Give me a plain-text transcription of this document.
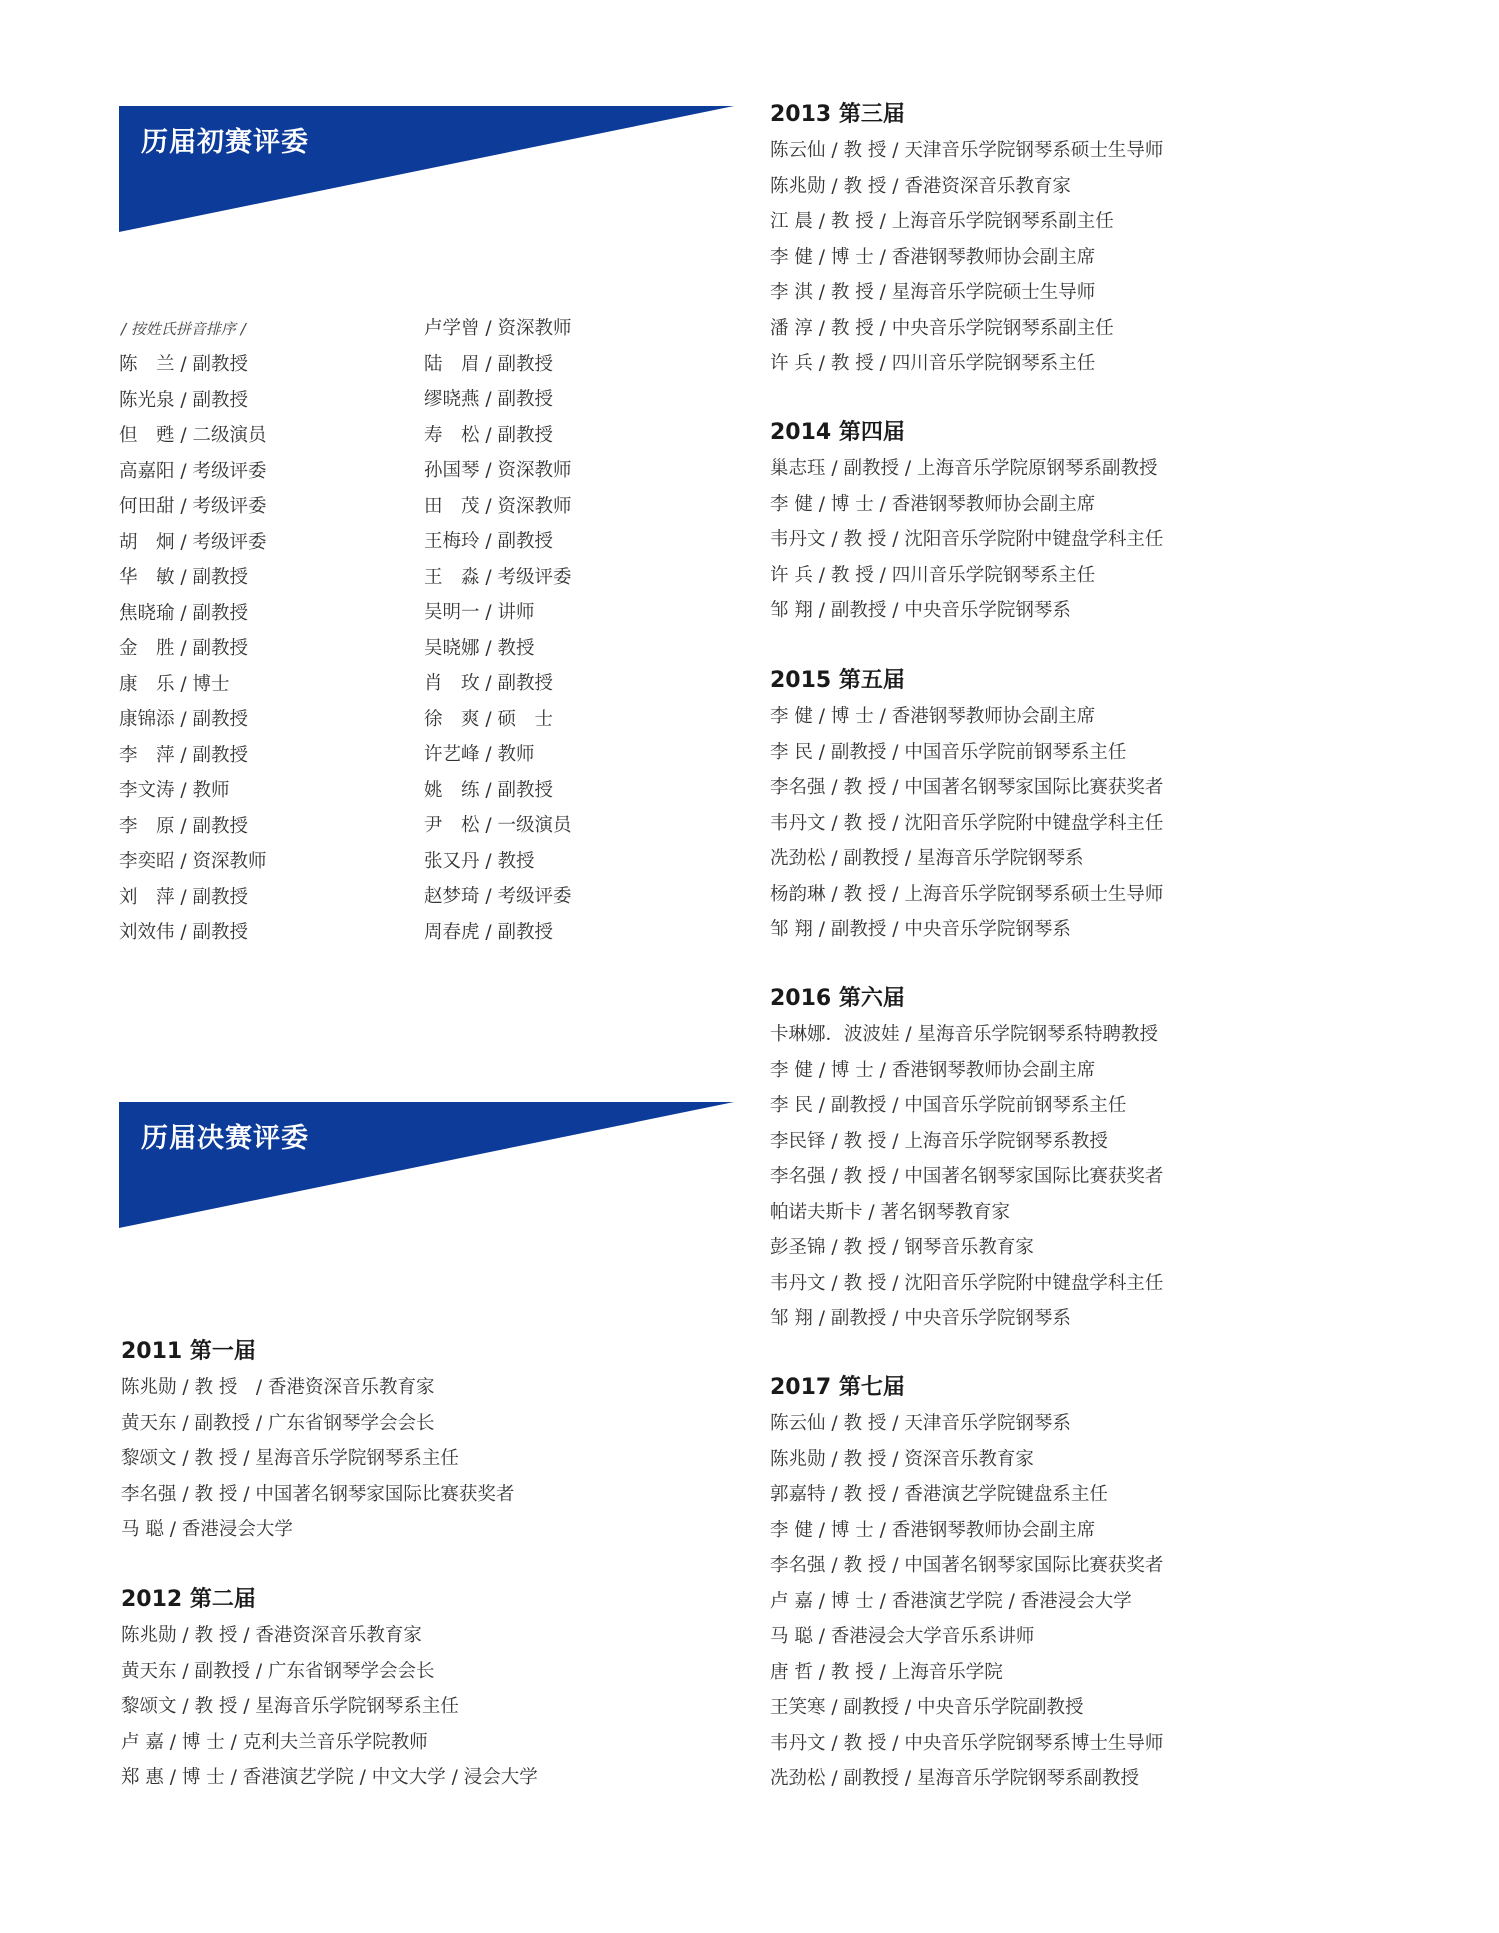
历届初赛评委
/ 按姓氏拼音排序 /
陈　兰 / 副教授
陈光泉 / 副教授
但　甦 / 二级演员
高嘉阳 / 考级评委
何田甜 / 考级评委
胡　炯 / 考级评委
华　敏 / 副教授
焦晓瑜 / 副教授
金　胜 / 副教授
康　乐 / 博士
康锦添 / 副教授
李　萍 / 副教授
李文涛 / 教师
李　原 / 副教授
李奕昭 / 资深教师
刘　萍 / 副教授
刘效伟 / 副教授
卢学曾 / 资深教师
陆　眉 / 副教授
缪晓燕 / 副教授
寿　松 / 副教授
孙国琴 / 资深教师
田　茂 / 资深教师
王梅玲 / 副教授
王　淼 / 考级评委
吴明一 / 讲师
吴晓娜 / 教授
肖　玫 / 副教授
徐　爽 / 硕　士
许艺峰 / 教师
姚　练 / 副教授
尹　松 / 一级演员
张又丹 / 教授
赵梦琦 / 考级评委
周春虎 / 副教授
历届决赛评委
2011 第一届
陈兆勋 / 教 授　/ 香港资深音乐教育家
黄天东 / 副教授 / 广东省钢琴学会会长
黎颂文 / 教 授 / 星海音乐学院钢琴系主任
李名强 / 教 授 / 中国著名钢琴家国际比赛获奖者
马 聪 / 香港浸会大学
2012 第二届
陈兆勋 / 教 授 / 香港资深音乐教育家
黄天东 / 副教授 / 广东省钢琴学会会长
黎颂文 / 教 授 / 星海音乐学院钢琴系主任
卢 嘉 / 博 士 / 克利夫兰音乐学院教师
郑 惠 / 博 士 / 香港演艺学院 / 中文大学 / 浸会大学
2013 第三届
陈云仙 / 教 授 / 天津音乐学院钢琴系硕士生导师
陈兆勋 / 教 授 / 香港资深音乐教育家
江 晨 / 教 授 / 上海音乐学院钢琴系副主任
李 健 / 博 士 / 香港钢琴教师协会副主席
李 淇 / 教 授 / 星海音乐学院硕士生导师
潘 淳 / 教 授 / 中央音乐学院钢琴系副主任
许 兵 / 教 授 / 四川音乐学院钢琴系主任
2014 第四届
巢志珏 / 副教授 / 上海音乐学院原钢琴系副教授
李 健 / 博 士 / 香港钢琴教师协会副主席
韦丹文 / 教 授 / 沈阳音乐学院附中键盘学科主任
许 兵 / 教 授 / 四川音乐学院钢琴系主任
邹 翔 / 副教授 / 中央音乐学院钢琴系
2015 第五届
李 健 / 博 士 / 香港钢琴教师协会副主席
李 民 / 副教授 / 中国音乐学院前钢琴系主任
李名强 / 教 授 / 中国著名钢琴家国际比赛获奖者
韦丹文 / 教 授 / 沈阳音乐学院附中键盘学科主任
冼劲松 / 副教授 / 星海音乐学院钢琴系
杨韵琳 / 教 授 / 上海音乐学院钢琴系硕士生导师
邹 翔 / 副教授 / 中央音乐学院钢琴系
2016 第六届
卡琳娜．波波娃 / 星海音乐学院钢琴系特聘教授
李 健 / 博 士 / 香港钢琴教师协会副主席
李 民 / 副教授 / 中国音乐学院前钢琴系主任
李民铎 / 教 授 / 上海音乐学院钢琴系教授
李名强 / 教 授 / 中国著名钢琴家国际比赛获奖者
帕诺夫斯卡 / 著名钢琴教育家
彭圣锦 / 教 授 / 钢琴音乐教育家
韦丹文 / 教 授 / 沈阳音乐学院附中键盘学科主任
邹 翔 / 副教授 / 中央音乐学院钢琴系
2017 第七届
陈云仙 / 教 授 / 天津音乐学院钢琴系
陈兆勋 / 教 授 / 资深音乐教育家
郭嘉特 / 教 授 / 香港演艺学院键盘系主任
李 健 / 博 士 / 香港钢琴教师协会副主席
李名强 / 教 授 / 中国著名钢琴家国际比赛获奖者
卢 嘉 / 博 士 / 香港演艺学院 / 香港浸会大学
马 聪 / 香港浸会大学音乐系讲师
唐 哲 / 教 授 / 上海音乐学院
王笑寒 / 副教授 / 中央音乐学院副教授
韦丹文 / 教 授 / 中央音乐学院钢琴系博士生导师
冼劲松 / 副教授 / 星海音乐学院钢琴系副教授
